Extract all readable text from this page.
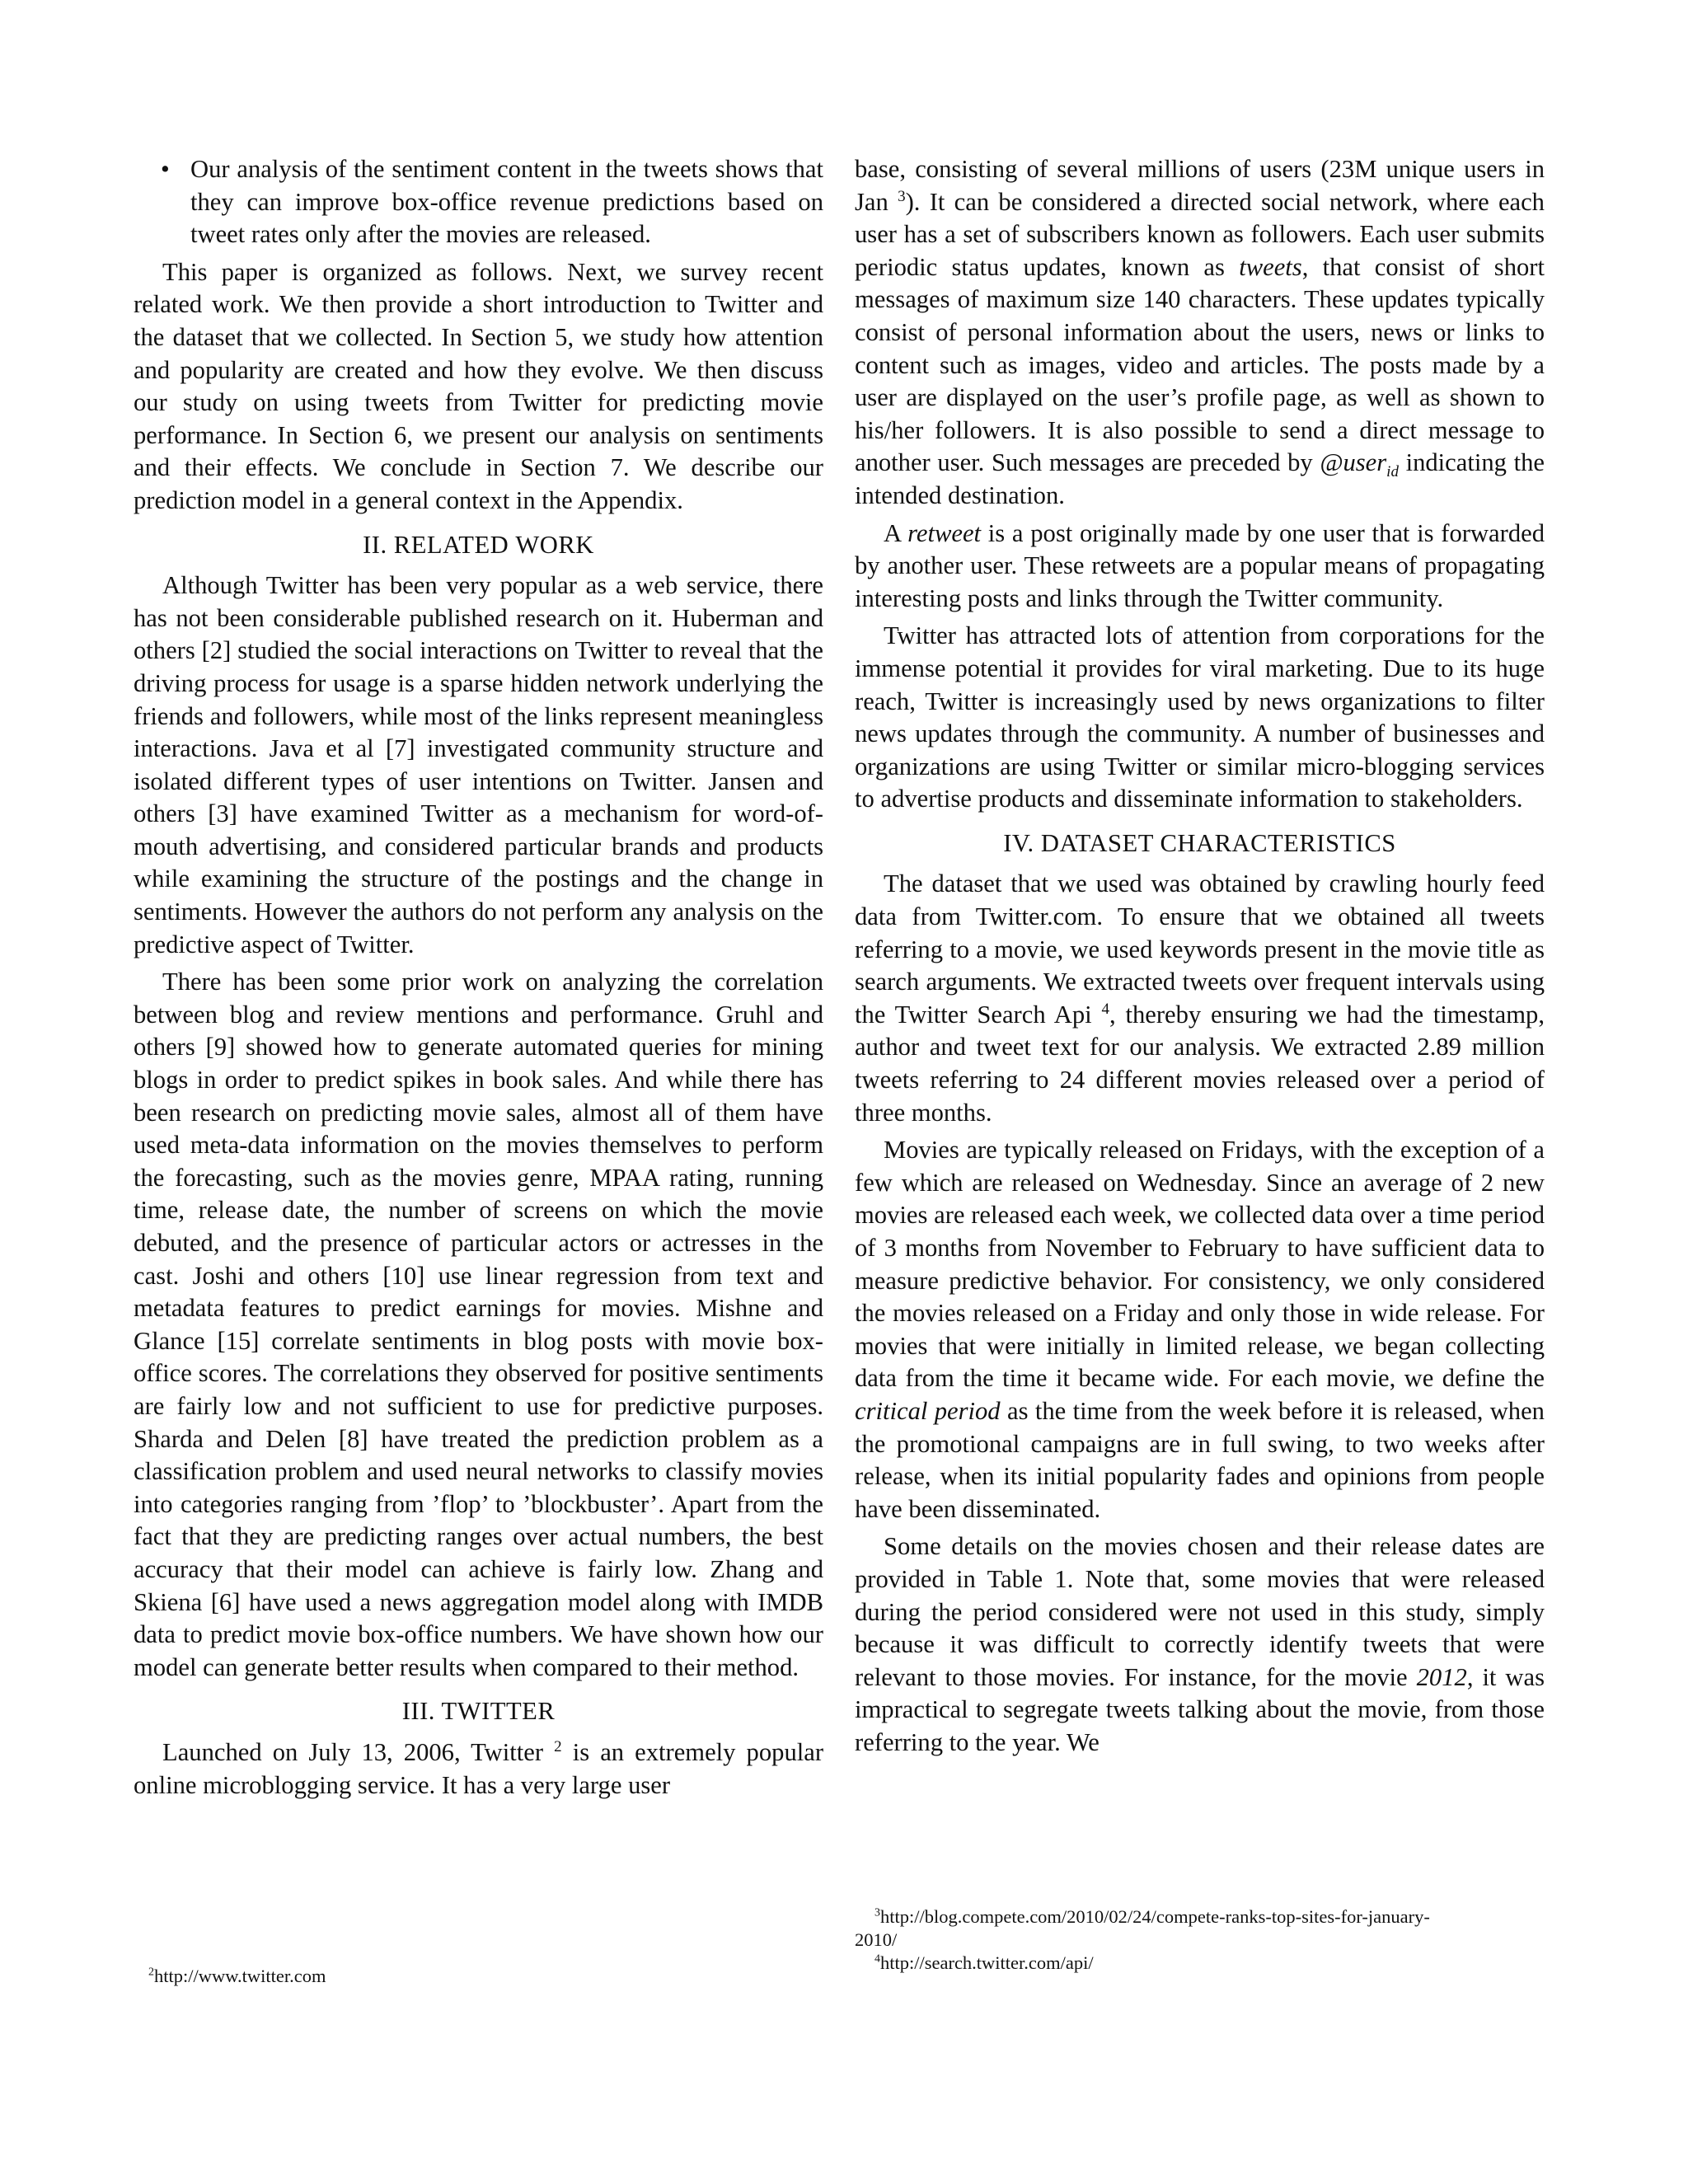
• Our analysis of the sentiment content in the tweets shows that they can improve box-office revenue predictions based on tweet rates only after the movies are released.

This paper is organized as follows. Next, we survey recent related work. We then provide a short introduction to Twitter and the dataset that we collected. In Section 5, we study how attention and popularity are created and how they evolve. We then discuss our study on using tweets from Twitter for predicting movie performance. In Section 6, we present our analysis on sentiments and their effects. We conclude in Section 7. We describe our prediction model in a general context in the Appendix.

II. RELATED WORK

Although Twitter has been very popular as a web service, there has not been considerable published research on it. Huberman and others [2] studied the social interactions on Twitter to reveal that the driving process for usage is a sparse hidden network underlying the friends and followers, while most of the links represent meaningless interactions. Java et al [7] investigated community structure and isolated different types of user intentions on Twitter. Jansen and others [3] have examined Twitter as a mechanism for word-of-mouth advertising, and considered particular brands and products while examining the structure of the postings and the change in sentiments. However the authors do not perform any analysis on the predictive aspect of Twitter.

There has been some prior work on analyzing the correlation between blog and review mentions and performance. Gruhl and others [9] showed how to generate automated queries for mining blogs in order to predict spikes in book sales. And while there has been research on predicting movie sales, almost all of them have used meta-data information on the movies themselves to perform the forecasting, such as the movies genre, MPAA rating, running time, release date, the number of screens on which the movie debuted, and the presence of particular actors or actresses in the cast. Joshi and others [10] use linear regression from text and metadata features to predict earnings for movies. Mishne and Glance [15] correlate sentiments in blog posts with movie box-office scores. The correlations they observed for positive sentiments are fairly low and not sufficient to use for predictive purposes. Sharda and Delen [8] have treated the prediction problem as a classification problem and used neural networks to classify movies into categories ranging from ’flop’ to ’blockbuster’. Apart from the fact that they are predicting ranges over actual numbers, the best accuracy that their model can achieve is fairly low. Zhang and Skiena [6] have used a news aggregation model along with IMDB data to predict movie box-office numbers. We have shown how our model can generate better results when compared to their method.

III. TWITTER

Launched on July 13, 2006, Twitter $^2$ is an extremely popular online microblogging service. It has a very large user

$^2$http://www.twitter.com

base, consisting of several millions of users (23M unique users in Jan $^3$). It can be considered a directed social network, where each user has a set of subscribers known as followers. Each user submits periodic status updates, known as tweets, that consist of short messages of maximum size 140 characters. These updates typically consist of personal information about the users, news or links to content such as images, video and articles. The posts made by a user are displayed on the user’s profile page, as well as shown to his/her followers. It is also possible to send a direct message to another user. Such messages are preceded by @user$_{id}$ indicating the intended destination.

A retweet is a post originally made by one user that is forwarded by another user. These retweets are a popular means of propagating interesting posts and links through the Twitter community.

Twitter has attracted lots of attention from corporations for the immense potential it provides for viral marketing. Due to its huge reach, Twitter is increasingly used by news organizations to filter news updates through the community. A number of businesses and organizations are using Twitter or similar micro-blogging services to advertise products and disseminate information to stakeholders.

IV. DATASET CHARACTERISTICS

The dataset that we used was obtained by crawling hourly feed data from Twitter.com. To ensure that we obtained all tweets referring to a movie, we used keywords present in the movie title as search arguments. We extracted tweets over frequent intervals using the Twitter Search Api $^4$, thereby ensuring we had the timestamp, author and tweet text for our analysis. We extracted 2.89 million tweets referring to 24 different movies released over a period of three months.

Movies are typically released on Fridays, with the exception of a few which are released on Wednesday. Since an average of 2 new movies are released each week, we collected data over a time period of 3 months from November to February to have sufficient data to measure predictive behavior. For consistency, we only considered the movies released on a Friday and only those in wide release. For movies that were initially in limited release, we began collecting data from the time it became wide. For each movie, we define the critical period as the time from the week before it is released, when the promotional campaigns are in full swing, to two weeks after release, when its initial popularity fades and opinions from people have been disseminated.

Some details on the movies chosen and their release dates are provided in Table 1. Note that, some movies that were released during the period considered were not used in this study, simply because it was difficult to correctly identify tweets that were relevant to those movies. For instance, for the movie 2012, it was impractical to segregate tweets talking about the movie, from those referring to the year. We

$^3$http://blog.compete.com/2010/02/24/compete-ranks-top-sites-for-january-

2010/

$^4$http://search.twitter.com/api/
